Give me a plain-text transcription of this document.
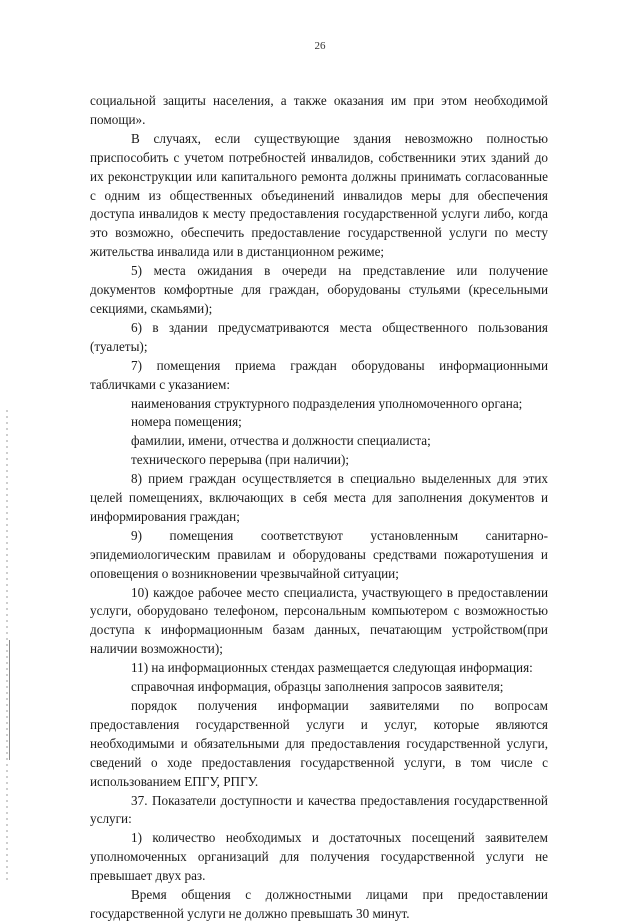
26

социальной защиты населения, а также оказания им при этом необходимой помощи».

В случаях, если существующие здания невозможно полностью приспособить с учетом потребностей инвалидов, собственники этих зданий до их реконструкции или капитального ремонта должны принимать согласованные с одним из общественных объединений инвалидов меры для обеспечения доступа инвалидов к месту предоставления государственной услуги либо, когда это возможно, обеспечить предоставление государственной услуги по месту жительства инвалида или в дистанционном режиме;

5) места ожидания в очереди на представление или получение документов комфортные для граждан, оборудованы стульями (кресельными секциями, скамьями);

6) в здании предусматриваются места общественного пользования (туалеты);

7) помещения приема граждан оборудованы информационными табличками с указанием:

наименования структурного подразделения уполномоченного органа;

номера помещения;

фамилии, имени, отчества и должности специалиста;

технического перерыва (при наличии);

8) прием граждан осуществляется в специально выделенных для этих целей помещениях, включающих в себя места для заполнения документов и информирования граждан;

9) помещения соответствуют установленным санитарно-эпидемиологическим правилам и оборудованы средствами пожаротушения и оповещения о возникновении чрезвычайной ситуации;

10) каждое рабочее место специалиста, участвующего в предоставлении услуги, оборудовано телефоном, персональным компьютером с возможностью доступа к информационным базам данных, печатающим устройством(при наличии возможности);

11) на информационных стендах размещается следующая информация:

справочная информация, образцы заполнения запросов заявителя;

порядок получения информации заявителями по вопросам предоставления государственной услуги и услуг, которые являются необходимыми и обязательными для предоставления государственной услуги, сведений о ходе предоставления государственной услуги, в том числе с использованием ЕПГУ, РПГУ.

37. Показатели доступности и качества предоставления государственной услуги:

1) количество необходимых и достаточных посещений заявителем уполномоченных организаций для получения государственной услуги не превышает двух раз.

Время общения с должностными лицами при предоставлении государственной услуги не должно превышать 30 минут.
